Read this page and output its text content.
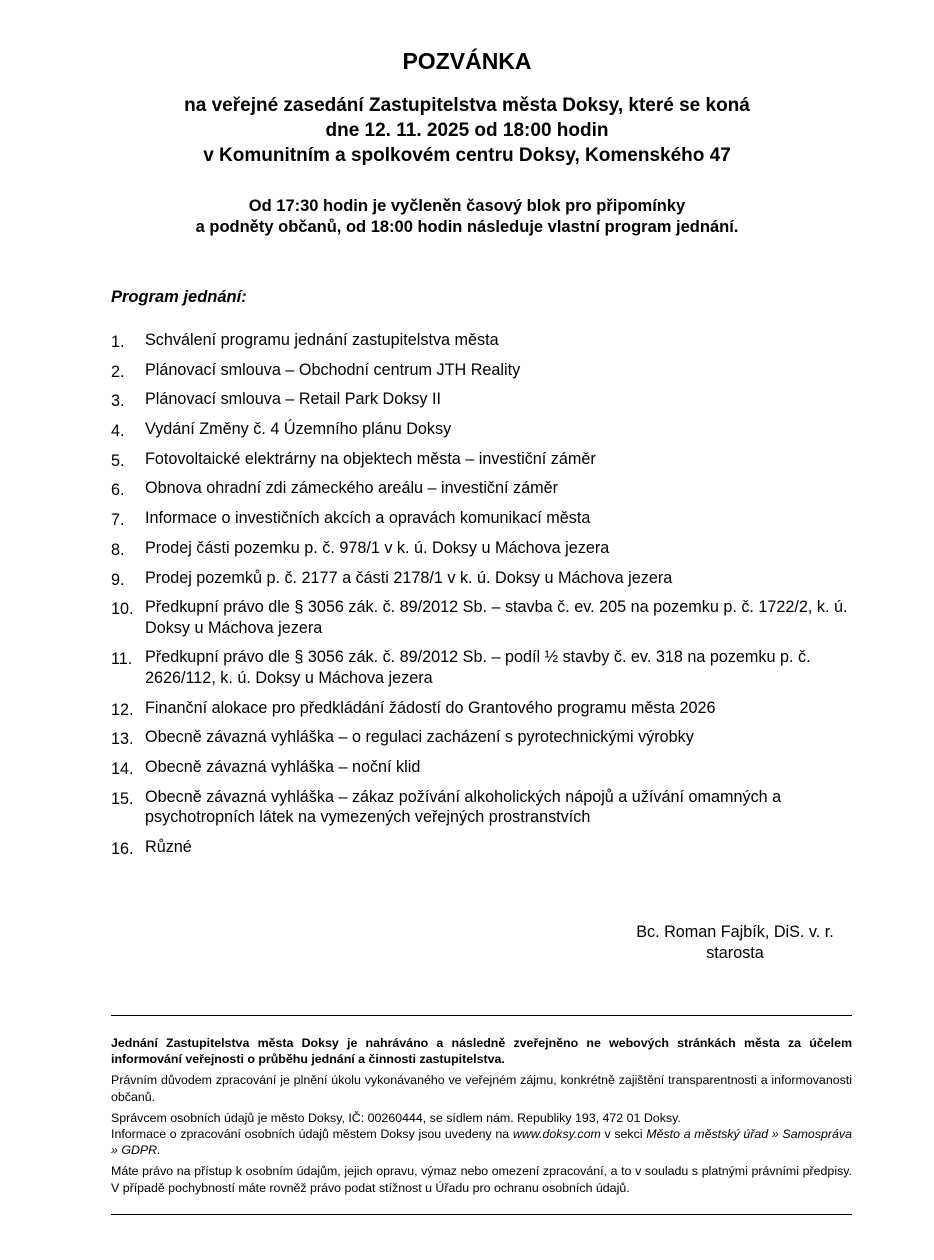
POZVÁNKA
na veřejné zasedání Zastupitelstva města Doksy, které se koná
dne 12. 11. 2025 od 18:00 hodin
v Komunitním a spolkovém centru Doksy, Komenského 47
Od 17:30 hodin je vyčleněn časový blok pro připomínky
a podněty občanů, od 18:00 hodin následuje vlastní program jednání.
Program jednání:
1. Schválení programu jednání zastupitelstva města
2. Plánovací smlouva – Obchodní centrum JTH Reality
3. Plánovací smlouva – Retail Park Doksy II
4. Vydání Změny č. 4 Územního plánu Doksy
5. Fotovoltaické elektrárny na objektech města – investiční záměr
6. Obnova ohradní zdi zámeckého areálu – investiční záměr
7. Informace o investičních akcích a opravách komunikací města
8. Prodej části pozemku p. č. 978/1 v k. ú. Doksy u Máchova jezera
9. Prodej pozemků p. č. 2177 a části 2178/1 v k. ú. Doksy u Máchova jezera
10. Předkupní právo dle § 3056 zák. č. 89/2012 Sb. – stavba č. ev. 205 na pozemku p. č. 1722/2, k. ú. Doksy u Máchova jezera
11. Předkupní právo dle § 3056 zák. č. 89/2012 Sb. – podíl ½ stavby č. ev. 318 na pozemku p. č. 2626/112, k. ú. Doksy u Máchova jezera
12. Finanční alokace pro předkládání žádostí do Grantového programu města 2026
13. Obecně závazná vyhláška – o regulaci zacházení s pyrotechnickými výrobky
14. Obecně závazná vyhláška – noční klid
15. Obecně závazná vyhláška – zákaz požívání alkoholických nápojů a užívání omamných a psychotropních látek na vymezených veřejných prostranstvích
16. Různé
Bc. Roman Fajbík, DiS. v. r.
starosta

Jednání Zastupitelstva města Doksy je nahráváno a následně zveřejněno ne webových stránkách města za účelem informování veřejnosti o průběhu jednání a činnosti zastupitelstva.

Právním důvodem zpracování je plnění úkolu vykonávaného ve veřejném zájmu, konkrétně zajištění transparentnosti a informovanosti občanů.

Správcem osobních údajů je město Doksy, IČ: 00260444, se sídlem nám. Republiky 193, 472 01 Doksy.
Informace o zpracování osobních údajů městem Doksy jsou uvedeny na www.doksy.com v sekci Město a městský úřad » Samospráva » GDPR.

Máte právo na přístup k osobním údajům, jejich opravu, výmaz nebo omezení zpracování, a to v souladu s platnými právními předpisy. V případě pochybností máte rovněž právo podat stížnost u Úřadu pro ochranu osobních údajů.
